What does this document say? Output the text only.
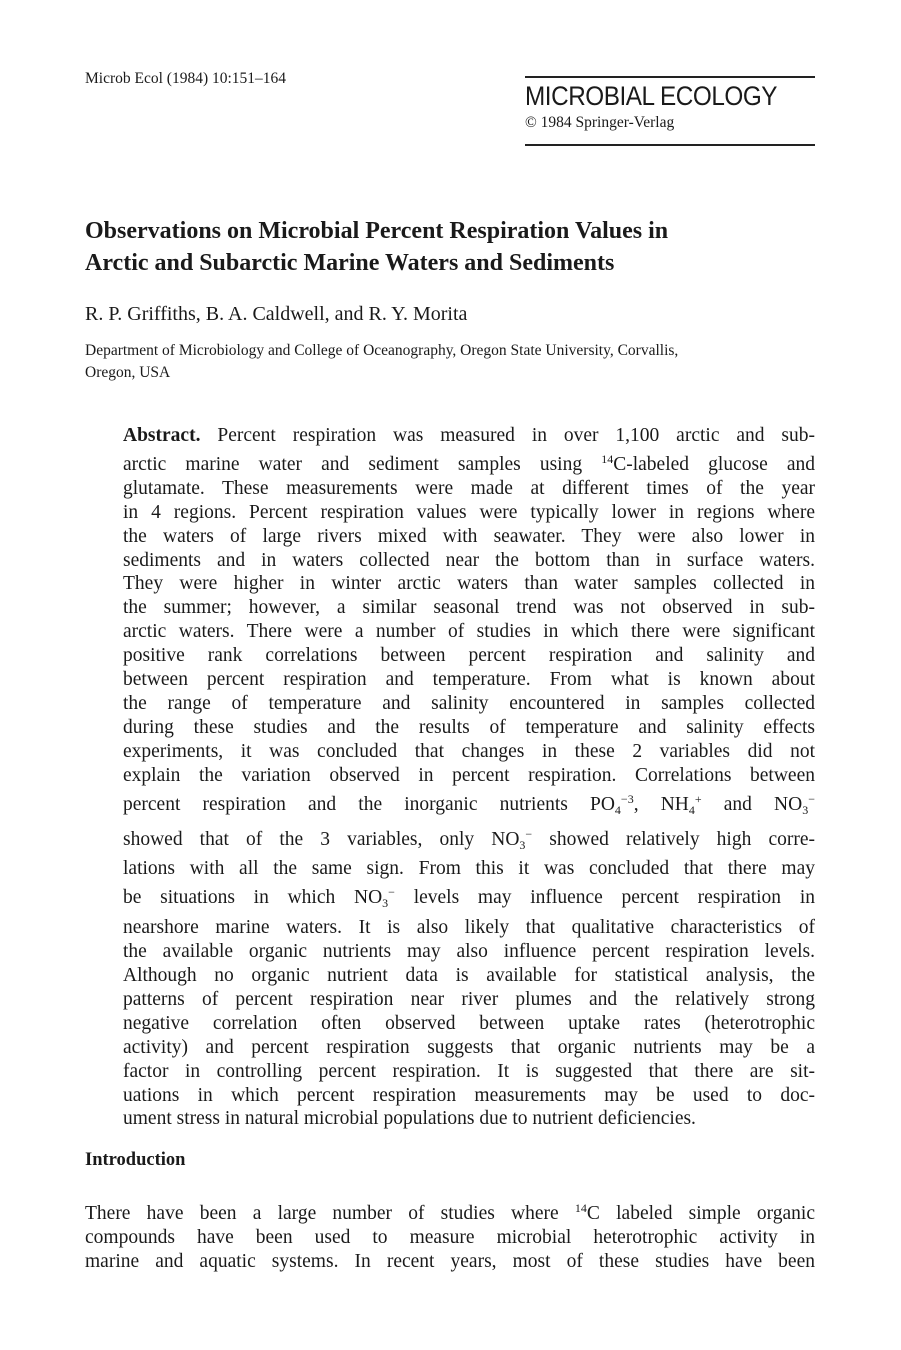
Microb Ecol (1984) 10:151–164
MICROBIAL ECOLOGY
© 1984 Springer-Verlag
Observations on Microbial Percent Respiration Values in
Arctic and Subarctic Marine Waters and Sediments
R. P. Griffiths, B. A. Caldwell, and R. Y. Morita
Department of Microbiology and College of Oceanography, Oregon State University, Corvallis,
Oregon, USA
Abstract. Percent respiration was measured in over 1,100 arctic and sub-
arctic marine water and sediment samples using $^{14}$C-labeled glucose and
glutamate. These measurements were made at different times of the year
in 4 regions. Percent respiration values were typically lower in regions where
the waters of large rivers mixed with seawater. They were also lower in
sediments and in waters collected near the bottom than in surface waters.
They were higher in winter arctic waters than water samples collected in
the summer; however, a similar seasonal trend was not observed in sub-
arctic waters. There were a number of studies in which there were significant
positive rank correlations between percent respiration and salinity and
between percent respiration and temperature. From what is known about
the range of temperature and salinity encountered in samples collected
during these studies and the results of temperature and salinity effects
experiments, it was concluded that changes in these 2 variables did not
explain the variation observed in percent respiration. Correlations between
percent respiration and the inorganic nutrients $PO_4^{-3}$, $NH_4^+$ and $NO_3^-$
showed that of the 3 variables, only $NO_3^-$ showed relatively high corre-
lations with all the same sign. From this it was concluded that there may
be situations in which $NO_3^-$ levels may influence percent respiration in
nearshore marine waters. It is also likely that qualitative characteristics of
the available organic nutrients may also influence percent respiration levels.
Although no organic nutrient data is available for statistical analysis, the
patterns of percent respiration near river plumes and the relatively strong
negative correlation often observed between uptake rates (heterotrophic
activity) and percent respiration suggests that organic nutrients may be a
factor in controlling percent respiration. It is suggested that there are sit-
uations in which percent respiration measurements may be used to doc-
ument stress in natural microbial populations due to nutrient deficiencies.
Introduction
There have been a large number of studies where $^{14}$C labeled simple organic
compounds have been used to measure microbial heterotrophic activity in
marine and aquatic systems. In recent years, most of these studies have been
